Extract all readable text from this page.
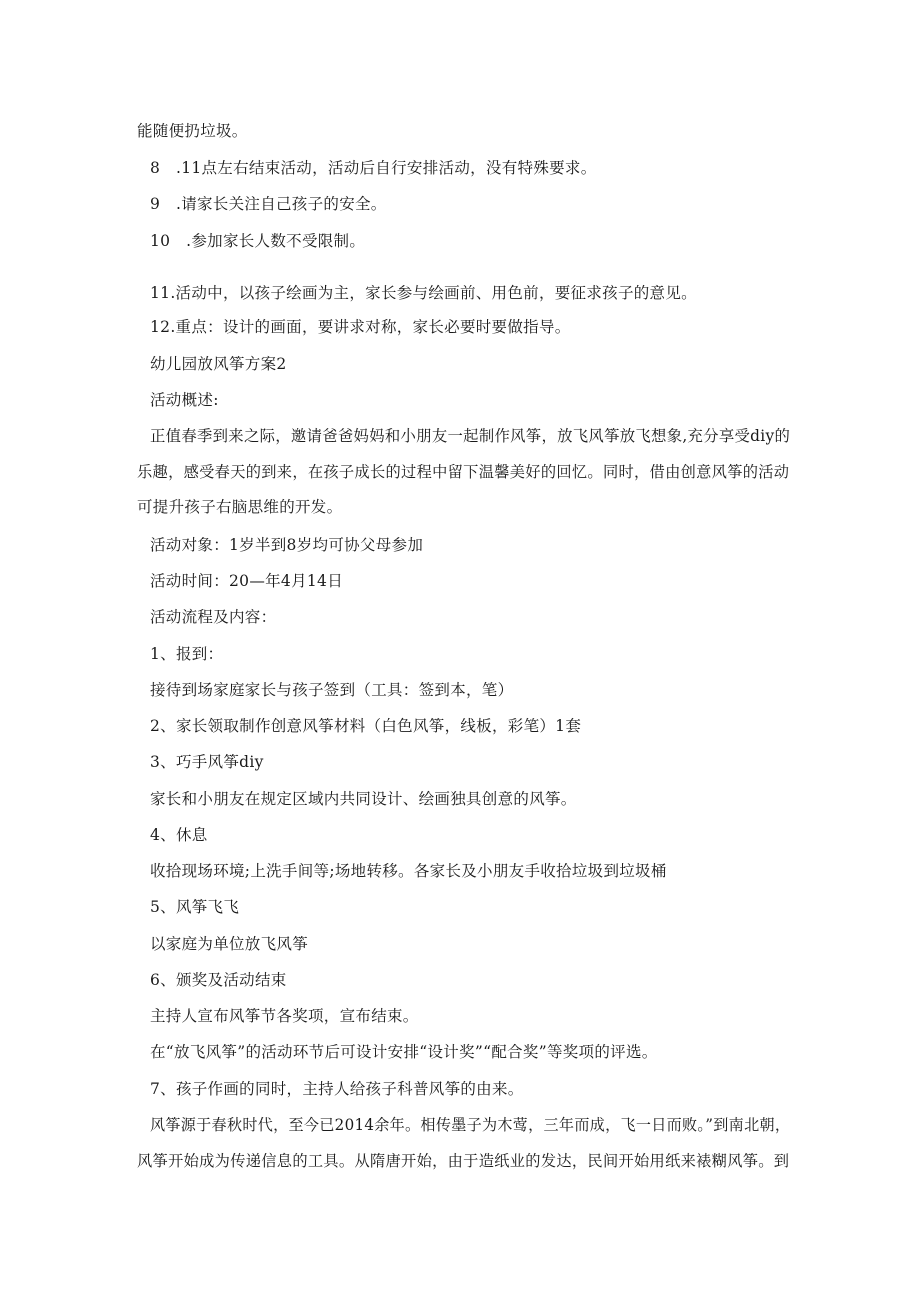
能随便扔垃圾。
8　.11点左右结束活动，活动后自行安排活动，没有特殊要求。
9　.请家长关注自己孩子的安全。
10　.参加家长人数不受限制。
11.活动中，以孩子绘画为主，家长参与绘画前、用色前，要征求孩子的意见。
12.重点：设计的画面，要讲求对称，家长必要时要做指导。
幼儿园放风筝方案2
活动概述:
正值春季到来之际，邀请爸爸妈妈和小朋友一起制作风筝，放飞风筝放飞想象,充分享受diy的
乐趣，感受春天的到来，在孩子成长的过程中留下温馨美好的回忆。同时，借由创意风筝的活动
可提升孩子右脑思维的开发。
活动对象：1岁半到8岁均可协父母参加
活动时间：20—年4月14日
活动流程及内容：
1、报到：
接待到场家庭家长与孩子签到（工具：签到本，笔）
2、家长领取制作创意风筝材料（白色风筝，线板，彩笔）1套
3、巧手风筝diy
家长和小朋友在规定区域内共同设计、绘画独具创意的风筝。
4、休息
收拾现场环境;上洗手间等;场地转移。各家长及小朋友手收拾垃圾到垃圾桶
5、风筝飞飞
以家庭为单位放飞风筝
6、颁奖及活动结束
主持人宣布风筝节各奖项，宣布结束。
在“放飞风筝”的活动环节后可设计安排“设计奖”“配合奖”等奖项的评选。
7、孩子作画的同时，主持人给孩子科普风筝的由来。
风筝源于春秋时代，至今已2014余年。相传墨子为木莺，三年而成，飞一日而败。”到南北朝，
风筝开始成为传递信息的工具。从隋唐开始，由于造纸业的发达，民间开始用纸来裱糊风筝。到
